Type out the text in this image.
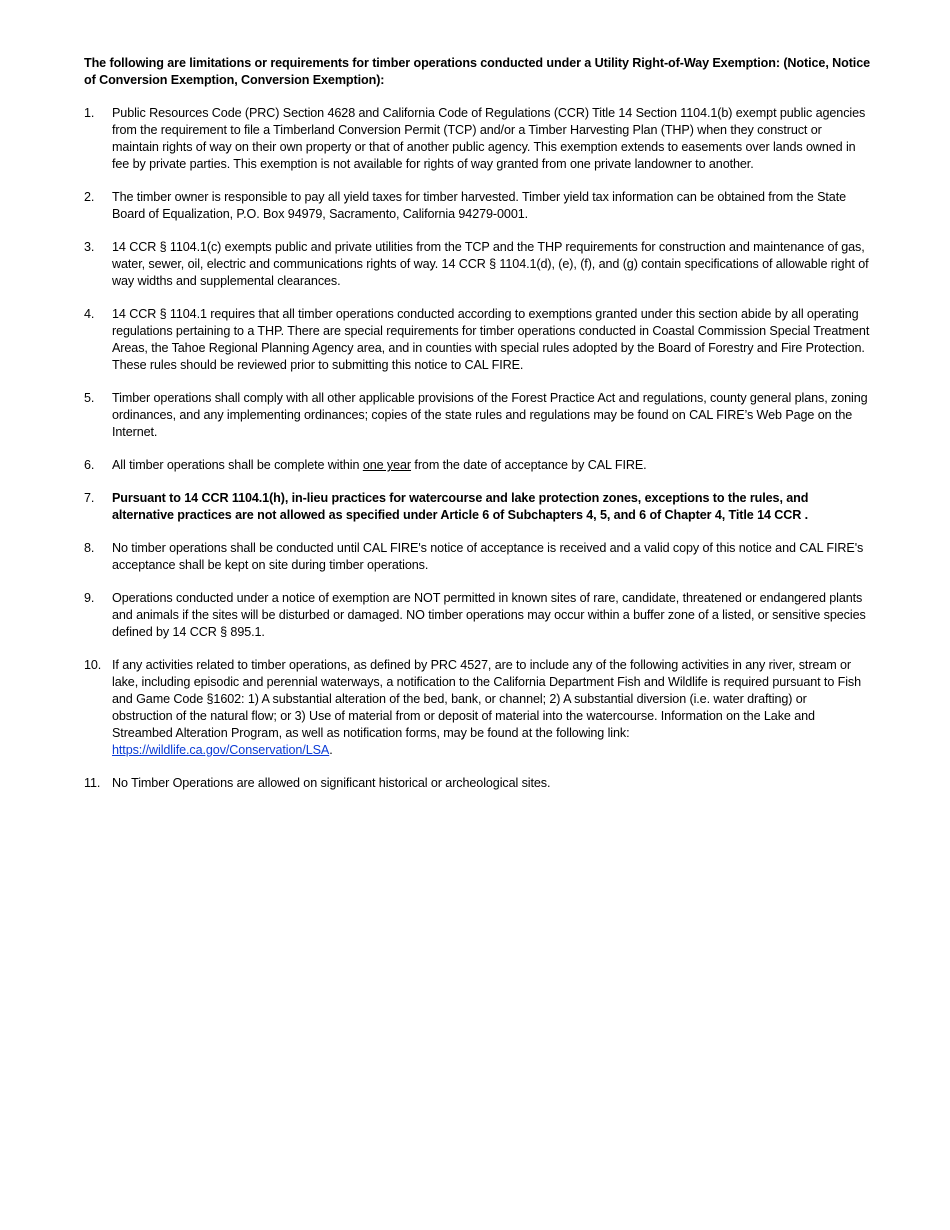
The following are limitations or requirements for timber operations conducted under a Utility Right-of-Way Exemption: (Notice, Notice of Conversion Exemption, Conversion Exemption):

1.	Public Resources Code (PRC) Section 4628 and California Code of Regulations (CCR) Title 14 Section 1104.1(b) exempt public agencies from the requirement to file a Timberland Conversion Permit (TCP) and/or a Timber Harvesting Plan (THP) when they construct or maintain rights of way on their own property or that of another public agency. This exemption extends to easements over lands owned in fee by private parties. This exemption is not available for rights of way granted from one private landowner to another.
2.	The timber owner is responsible to pay all yield taxes for timber harvested. Timber yield tax information can be obtained from the State Board of Equalization, P.O. Box 94979, Sacramento, California 94279-0001.
3.	14 CCR § 1104.1(c) exempts public and private utilities from the TCP and the THP requirements for construction and maintenance of gas, water, sewer, oil, electric and communications rights of way. 14 CCR § 1104.1(d), (e), (f), and (g) contain specifications of allowable right of way widths and supplemental clearances.
4.	14 CCR § 1104.1 requires that all timber operations conducted according to exemptions granted under this section abide by all operating regulations pertaining to a THP. There are special requirements for timber operations conducted in Coastal Commission Special Treatment Areas, the Tahoe Regional Planning Agency area, and in counties with special rules adopted by the Board of Forestry and Fire Protection. These rules should be reviewed prior to submitting this notice to CAL FIRE.
5.	Timber operations shall comply with all other applicable provisions of the Forest Practice Act and regulations, county general plans, zoning ordinances, and any implementing ordinances; copies of the state rules and regulations may be found on CAL FIRE’s Web Page on the Internet.
6.	All timber operations shall be complete within one year from the date of acceptance by CAL FIRE.
7.	Pursuant to 14 CCR 1104.1(h), in-lieu practices for watercourse and lake protection zones, exceptions to the rules, and alternative practices are not allowed as specified under Article 6 of Subchapters 4, 5, and 6 of Chapter 4, Title 14 CCR .
8.	No timber operations shall be conducted until CAL FIRE's notice of acceptance is received and a valid copy of this notice and CAL FIRE's acceptance shall be kept on site during timber operations.
9.	Operations conducted under a notice of exemption are NOT permitted in known sites of rare, candidate, threatened or endangered plants and animals if the sites will be disturbed or damaged. NO timber operations may occur within a buffer zone of a listed, or sensitive species defined by 14 CCR § 895.1.
10. If any activities related to timber operations, as defined by PRC 4527, are to include any of the following activities in any river, stream or lake, including episodic and perennial waterways, a notification to the California Department Fish and Wildlife is required pursuant to Fish and Game Code §1602: 1) A substantial alteration of the bed, bank, or channel; 2) A substantial diversion (i.e. water drafting) or obstruction of the natural flow; or 3) Use of material from or deposit of material into the watercourse. Information on the Lake and Streambed Alteration Program, as well as notification forms, may be found at the following link:
https://wildlife.ca.gov/Conservation/LSA.
11. No Timber Operations are allowed on significant historical or archeological sites.
